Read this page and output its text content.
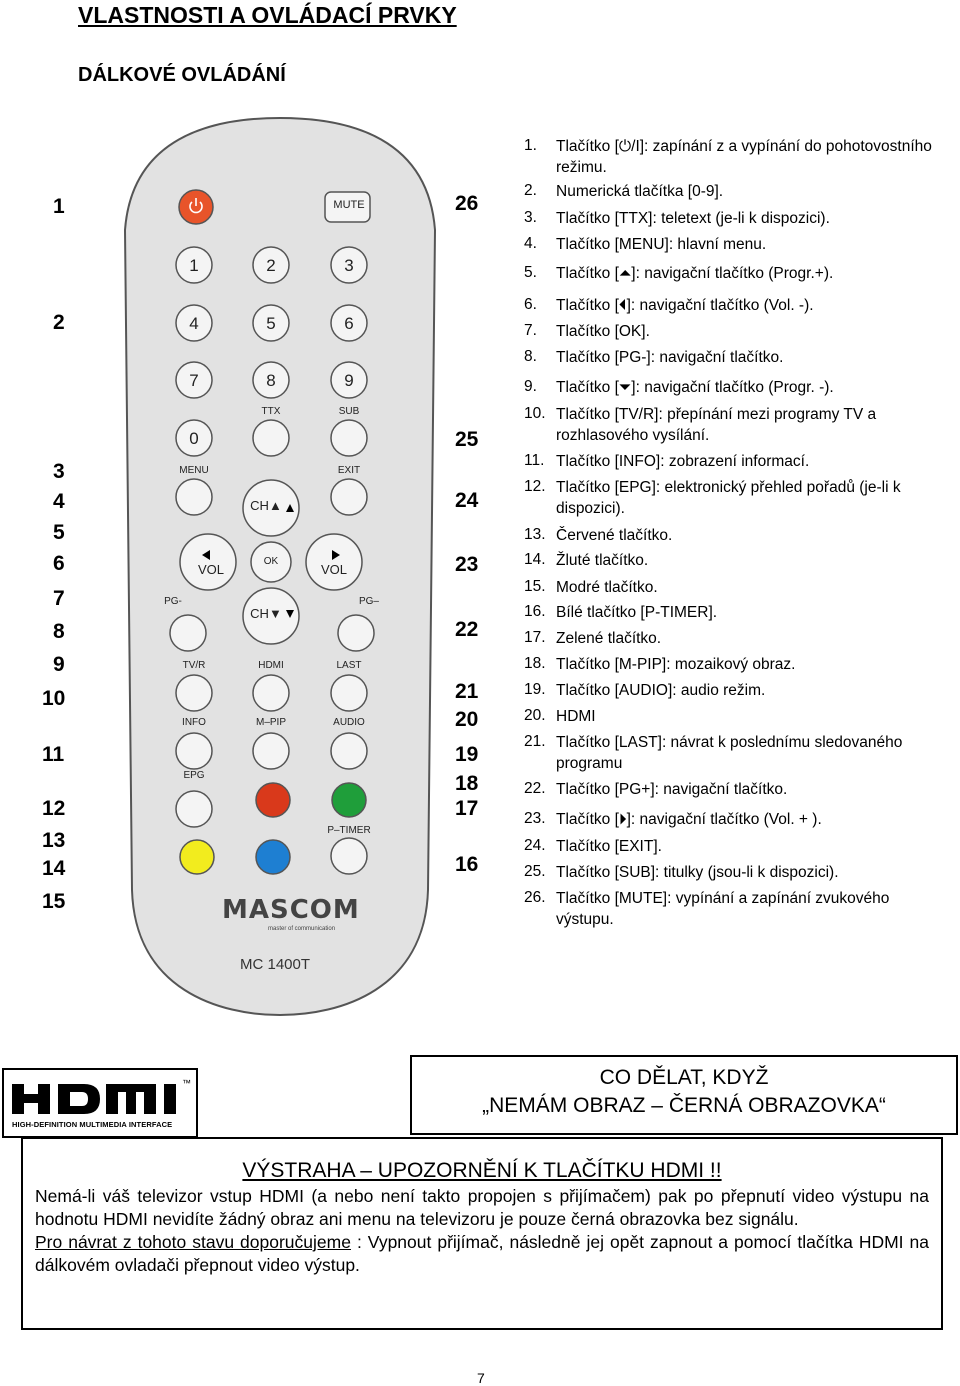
VLASTNOSTI A OVLÁDACÍ PRVKY
DÁLKOVÉ OVLÁDÁNÍ
1
2
3
4
5
6
7
8
9
10
11
12
13
14
15
26
25
24
23
22
21
20
19
18
17
16
MUTE
1	2	3
4	5	6
7	8	9
0
TTX	SUB
MENU	EXIT
CH▲
VOL
OK
VOL
CH▼
PG-	PG–
TV/R	HDMI	LAST
INFO	M–PIP	AUDIO
EPG
P–TIMER
MASCOM
master of communication
MC 1400T
1. Tlačítko [⏻/I]: zapínání z a vypínání do pohotovostního režimu.
2. Numerická tlačítka [0-9].
3. Tlačítko [TTX]: teletext (je-li k dispozici).
4. Tlačítko [MENU]: hlavní menu.
5. Tlačítko [⏶]: navigační tlačítko (Progr.+).
6. Tlačítko [⏴]: navigační tlačítko (Vol. -).
7. Tlačítko [OK].
8. Tlačítko [PG-]: navigační tlačítko.
9. Tlačítko [⏷]: navigační tlačítko (Progr. -).
10. Tlačítko [TV/R]: přepínání mezi programy TV a rozhlasového vysílání.
11. Tlačítko [INFO]: zobrazení informací.
12. Tlačítko [EPG]: elektronický přehled pořadů (je-li k dispozici).
13. Červené tlačítko.
14. Žluté tlačítko.
15. Modré tlačítko.
16. Bílé tlačítko [P-TIMER].
17. Zelené tlačítko.
18. Tlačítko [M-PIP]: mozaikový obraz.
19. Tlačítko [AUDIO]: audio režim.
20. HDMI
21. Tlačítko [LAST]: návrat k poslednímu sledovaného programu
22. Tlačítko [PG+]: navigační tlačítko.
23. Tlačítko [⏵]: navigační tlačítko (Vol. + ).
24. Tlačítko [EXIT].
25. Tlačítko [SUB]: titulky (jsou-li k dispozici).
26. Tlačítko [MUTE]: vypínání a zapínání zvukového výstupu.
™
HIGH-DEFINITION MULTIMEDIA INTERFACE
CO DĚLAT, KDYŽ
„NEMÁM OBRAZ – ČERNÁ OBRAZOVKA“
VÝSTRAHA – UPOZORNĚNÍ K TLAČÍTKU HDMI !!
Nemá-li váš televizor vstup HDMI (a nebo není takto propojen s přijímačem) pak po přepnutí video výstupu na hodnotu HDMI nevidíte žádný obraz ani menu na televizoru je pouze černá obrazovka bez signálu.
Pro návrat z tohoto stavu doporučujeme : Vypnout přijímač, následně jej opět zapnout a pomocí tlačítka HDMI na dálkovém ovladači přepnout video výstup.
7
